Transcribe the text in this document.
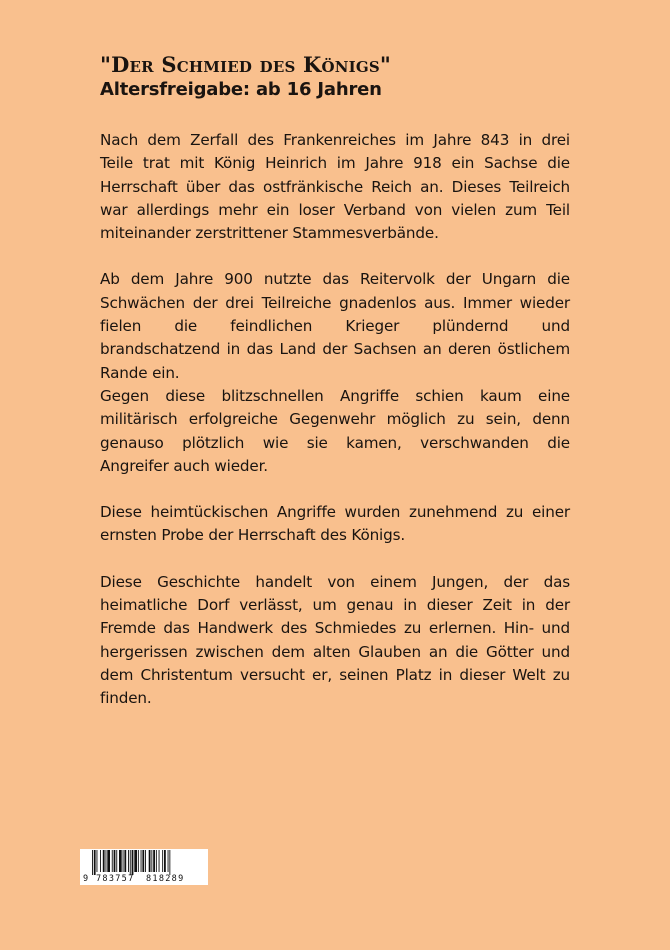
"Der Schmied des Königs"
Altersfreigabe: ab 16 Jahren

Nach dem Zerfall des Frankenreiches im Jahre 843 in drei
Teile trat mit König Heinrich im Jahre 918 ein Sachse die
Herrschaft über das ostfränkische Reich an. Dieses Teilreich
war allerdings mehr ein loser Verband von vielen zum Teil
miteinander zerstrittener Stammesverbände.

Ab dem Jahre 900 nutzte das Reitervolk der Ungarn die
Schwächen der drei Teilreiche gnadenlos aus. Immer wieder
fielen die feindlichen Krieger plündernd und
brandschatzend in das Land der Sachsen an deren östlichem
Rande ein.

Gegen diese blitzschnellen Angriffe schien kaum eine
militärisch erfolgreiche Gegenwehr möglich zu sein, denn
genauso plötzlich wie sie kamen, verschwanden die
Angreifer auch wieder.

Diese heimtückischen Angriffe wurden zunehmend zu einer
ernsten Probe der Herrschaft des Königs.

Diese Geschichte handelt von einem Jungen, der das
heimatliche Dorf verlässt, um genau in dieser Zeit in der
Fremde das Handwerk des Schmiedes zu erlernen. Hin- und
hergerissen zwischen dem alten Glauben an die Götter und
dem Christentum versucht er, seinen Platz in dieser Welt zu
finden.

9

783757

818289
